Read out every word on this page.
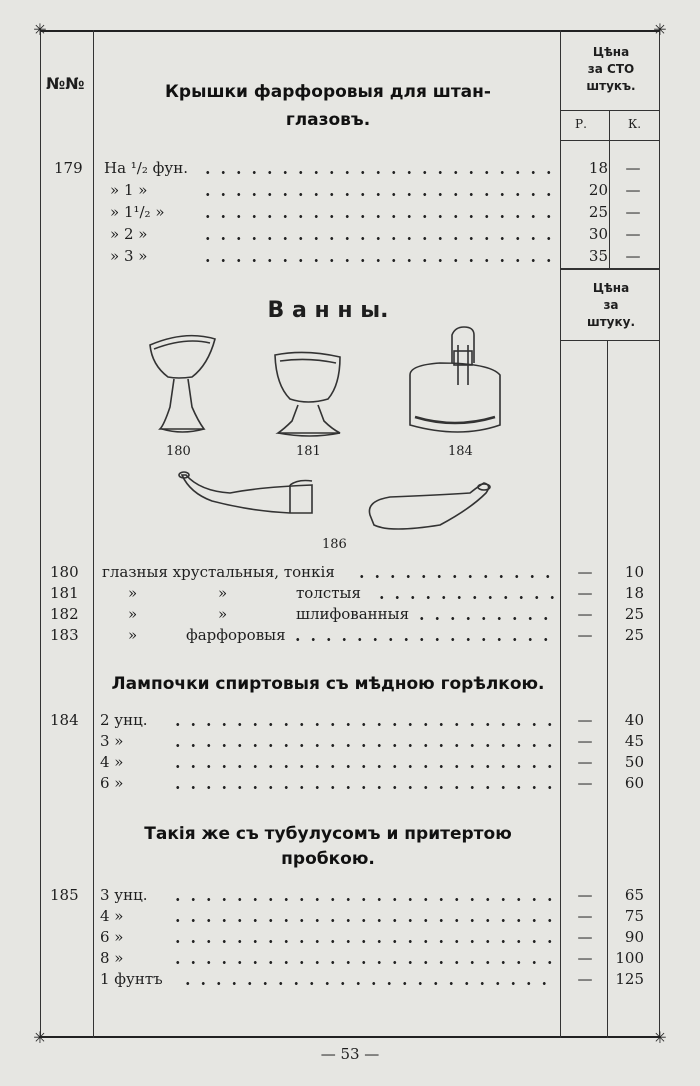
✳	✳
✳	✳
№№
Цѣна
за СТО
штукъ.
Р.	К.
Цѣна
за
штуку.
Крышки фарфоровыя для штан-
глазовъ.
179 На ¹/₂ фун.	18	—
» 1 »	20	—
» 1¹/₂ »	25	—
» 2 »	30	—
» 3 »	35	—
В а н н ы.
180	181	184
186
180 глазныя хрустальныя, тонкія	—	10
181	»	»	толстыя	—	18
182	»	»	шлифованныя	—	25
183	»	фарфоровыя	—	25
Лампочки спиртовыя съ мѣдною горѣлкою.
184 2 унц.	—	40
3 »	—	45
4 »	—	50
6 »	—	60
Такія же съ тубулусомъ и притертою
пробкою.
185 3 унц.	—	65
4 »	—	75
6 »	—	90
8 »	—	100
1 фунтъ	—	125
— 53 —
